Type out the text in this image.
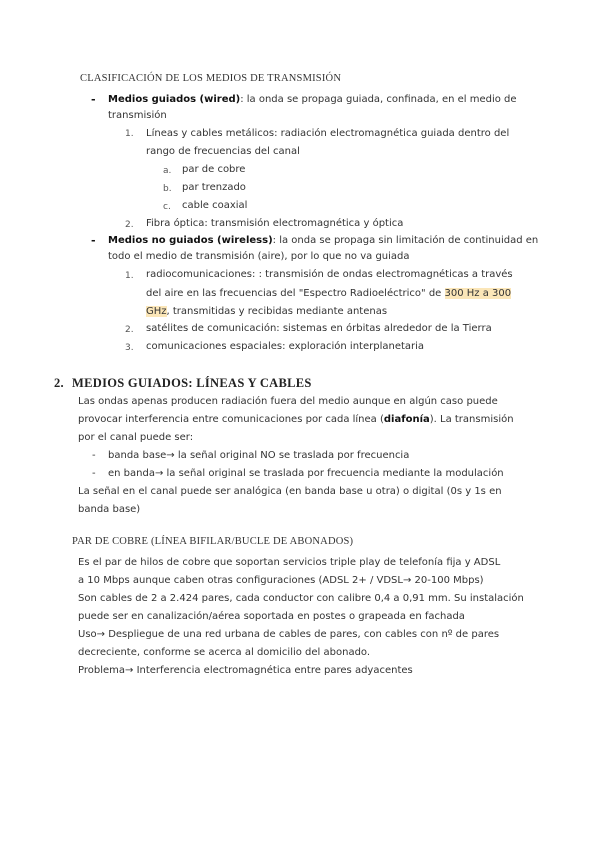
CLASIFICACIÓN DE LOS MEDIOS DE TRANSMISIÓN
- Medios guiados (wired): la onda se propaga guiada, confinada, en el medio de
transmisión
1. Líneas y cables metálicos: radiación electromagnética guiada dentro del
rango de frecuencias del canal
a. par de cobre
b. par trenzado
c. cable coaxial
2. Fibra óptica: transmisión electromagnética y óptica
- Medios no guiados (wireless): la onda se propaga sin limitación de continuidad en
todo el medio de transmisión (aire), por lo que no va guiada
1. radiocomunicaciones: : transmisión de ondas electromagnéticas a través
del aire en las frecuencias del "Espectro Radioeléctrico" de 300 Hz a 300
GHz, transmitidas y recibidas mediante antenas
2. satélites de comunicación: sistemas en órbitas alrededor de la Tierra
3. comunicaciones espaciales: exploración interplanetaria
2. MEDIOS GUIADOS: LÍNEAS Y CABLES
Las ondas apenas producen radiación fuera del medio aunque en algún caso puede
provocar interferencia entre comunicaciones por cada línea (diafonía). La transmisión
por el canal puede ser:
- banda base→ la señal original NO se traslada por frecuencia
- en banda→ la señal original se traslada por frecuencia mediante la modulación
La señal en el canal puede ser analógica (en banda base u otra) o digital (0s y 1s en
banda base)
PAR DE COBRE (LÍNEA BIFILAR/BUCLE DE ABONADOS)
Es el par de hilos de cobre que soportan servicios triple play de telefonía fija y ADSL
a 10 Mbps aunque caben otras configuraciones (ADSL 2+ / VDSL→ 20-100 Mbps)
Son cables de 2 a 2.424 pares, cada conductor con calibre 0,4 a 0,91 mm. Su instalación
puede ser en canalización/aérea soportada en postes o grapeada en fachada
Uso→ Despliegue de una red urbana de cables de pares, con cables con nº de pares
decreciente, conforme se acerca al domicilio del abonado.
Problema→ Interferencia electromagnética entre pares adyacentes
